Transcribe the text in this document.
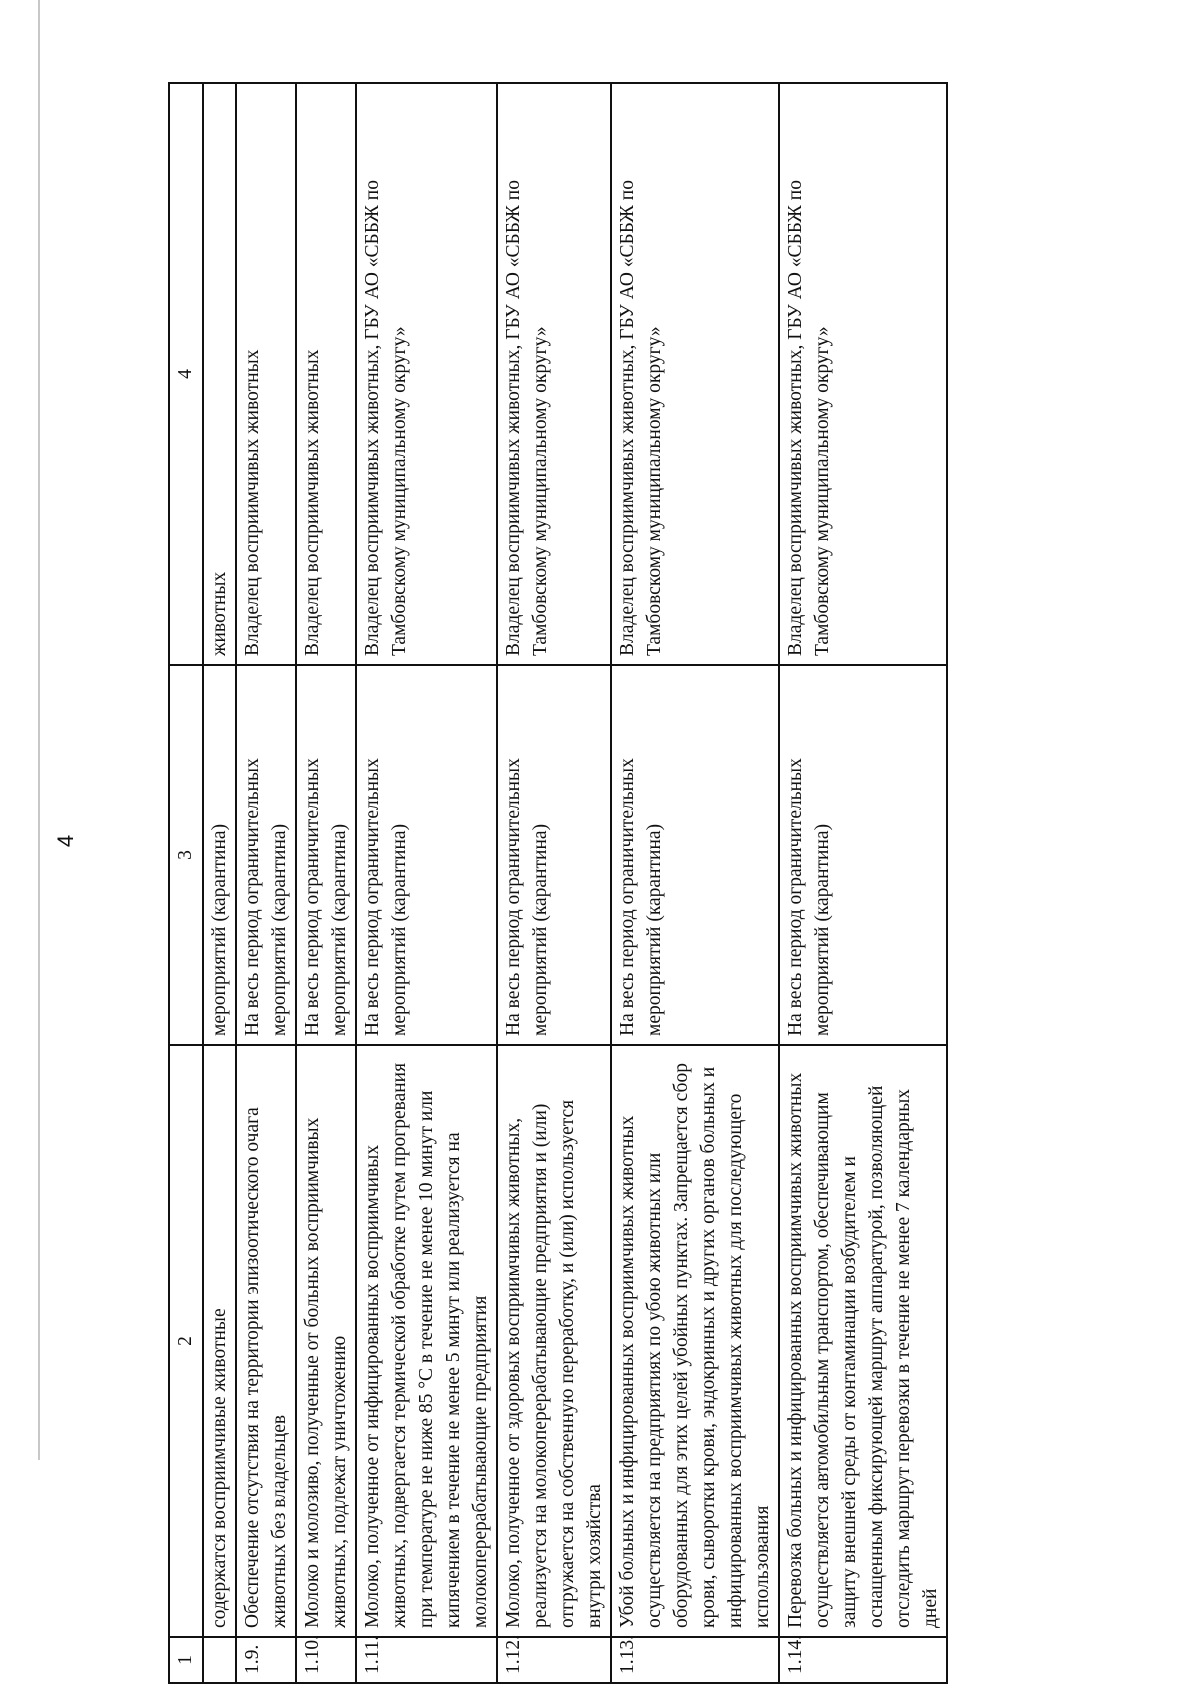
4
1	2	3	4
	содержатся восприимчивые животные	мероприятий (карантина)	животных
1.9.	Обеспечение отсутствия на территории эпизоотического очага животных без владельцев	На весь период ограничительных мероприятий (карантина)	Владелец восприимчивых животных
1.10.	Молоко и молозиво, полученные от больных восприимчивых животных, подлежат уничтожению	На весь период ограничительных мероприятий (карантина)	Владелец восприимчивых животных
1.11.	Молоко, полученное от инфицированных восприимчивых животных, подвергается термической обработке путем прогревания при температуре не ниже 85 °С в течение не менее 10 минут или кипячением в течение не менее 5 минут или реализуется на молокоперерабатывающие предприятия	На весь период ограничительных мероприятий (карантина)	Владелец восприимчивых животных, ГБУ АО «СББЖ по Тамбовскому муниципальному округу»
1.12.	Молоко, полученное от здоровых восприимчивых животных, реализуется на молокоперерабатывающие предприятия и (или) отгружается на собственную переработку, и (или) используется внутри хозяйства	На весь период ограничительных мероприятий (карантина)	Владелец восприимчивых животных, ГБУ АО «СББЖ по Тамбовскому муниципальному округу»
1.13.	Убой больных и инфицированных восприимчивых животных осуществляется на предприятиях по убою животных или оборудованных для этих целей убойных пунктах. Запрещается сбор крови, сыворотки крови, эндокринных и других органов больных и инфицированных восприимчивых животных для последующего использования	На весь период ограничительных мероприятий (карантина)	Владелец восприимчивых животных, ГБУ АО «СББЖ по Тамбовскому муниципальному округу»
1.14.	Перевозка больных и инфицированных восприимчивых животных осуществляется автомобильным транспортом, обеспечивающим защиту внешней среды от контаминации возбудителем и оснащенным фиксирующей маршрут аппаратурой, позволяющей отследить маршрут перевозки в течение не менее 7 календарных дней	На весь период ограничительных мероприятий (карантина)	Владелец восприимчивых животных, ГБУ АО «СББЖ по Тамбовскому муниципальному округу»
